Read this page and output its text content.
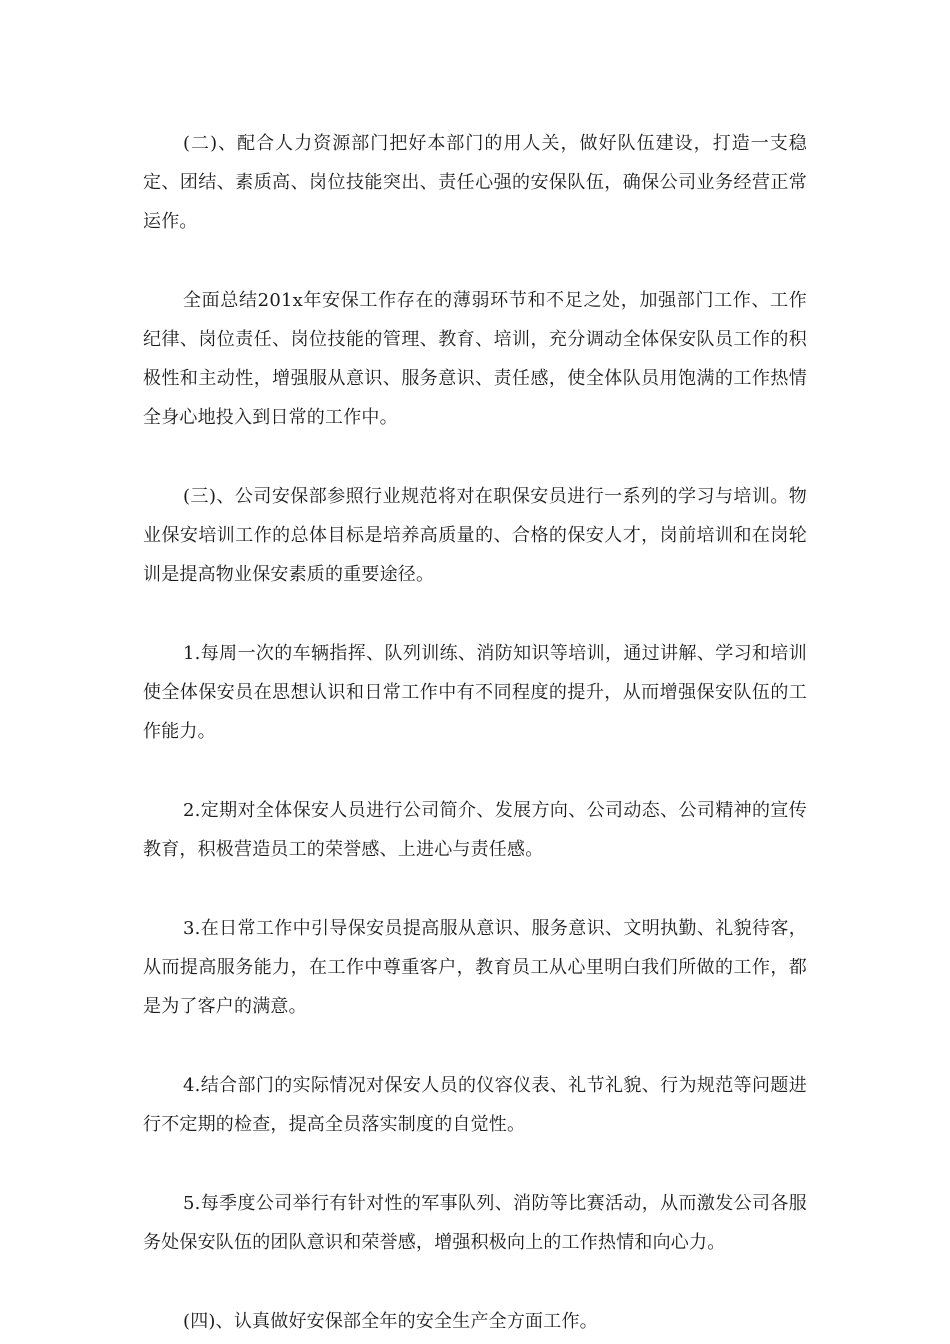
(二)、配合人力资源部门把好本部门的用人关，做好队伍建设，打造一支稳定、团结、素质高、岗位技能突出、责任心强的安保队伍，确保公司业务经营正常运作。

全面总结201x年安保工作存在的薄弱环节和不足之处，加强部门工作、工作纪律、岗位责任、岗位技能的管理、教育、培训，充分调动全体保安队员工作的积极性和主动性，增强服从意识、服务意识、责任感，使全体队员用饱满的工作热情全身心地投入到日常的工作中。

(三)、公司安保部参照行业规范将对在职保安员进行一系列的学习与培训。物业保安培训工作的总体目标是培养高质量的、合格的保安人才，岗前培训和在岗轮训是提高物业保安素质的重要途径。

1.每周一次的车辆指挥、队列训练、消防知识等培训，通过讲解、学习和培训使全体保安员在思想认识和日常工作中有不同程度的提升，从而增强保安队伍的工作能力。

2.定期对全体保安人员进行公司简介、发展方向、公司动态、公司精神的宣传教育，积极营造员工的荣誉感、上进心与责任感。

3.在日常工作中引导保安员提高服从意识、服务意识、文明执勤、礼貌待客，从而提高服务能力，在工作中尊重客户，教育员工从心里明白我们所做的工作，都是为了客户的满意。

4.结合部门的实际情况对保安人员的仪容仪表、礼节礼貌、行为规范等问题进行不定期的检查，提高全员落实制度的自觉性。

5.每季度公司举行有针对性的军事队列、消防等比赛活动，从而激发公司各服务处保安队伍的团队意识和荣誉感，增强积极向上的工作热情和向心力。

(四)、认真做好安保部全年的安全生产全方面工作。
